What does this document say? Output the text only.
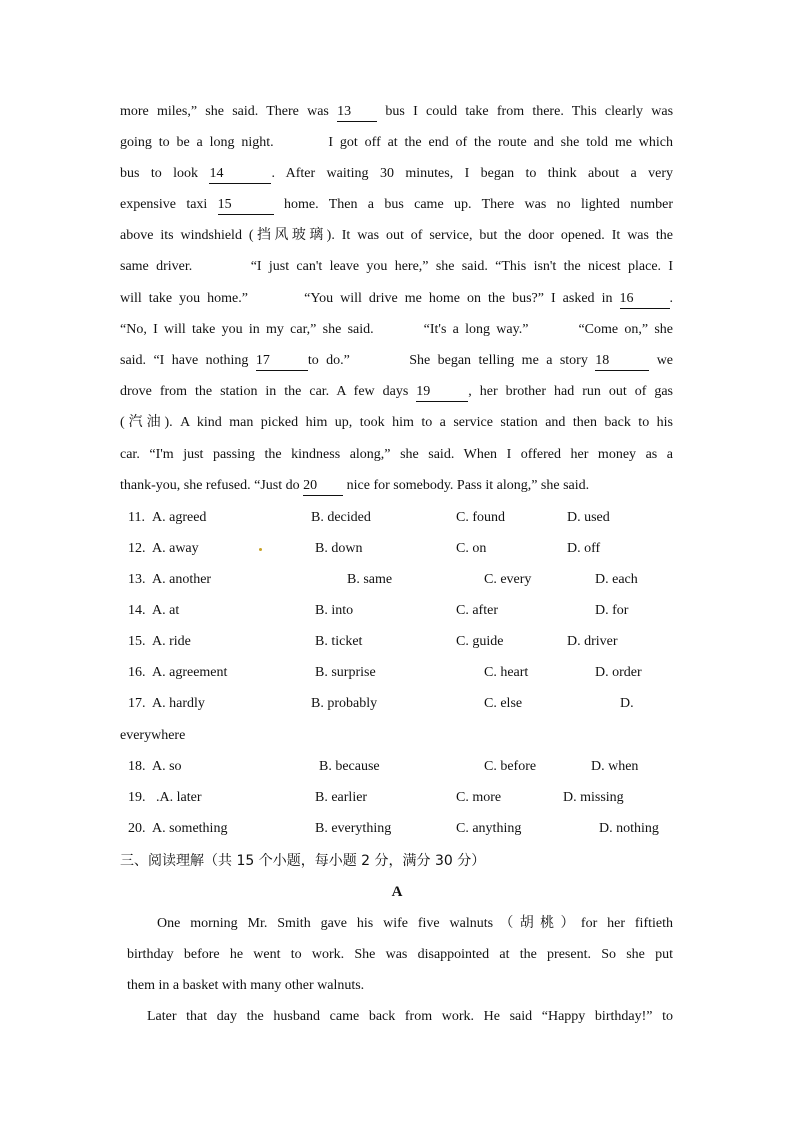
more miles,” she said. There was 13 bus I could take from there. This clearly was
going to be a long night.        I got off at the end of the route and she told me which
bus to look 14	. After waiting 30 minutes, I began to think about a very
expensive taxi 15	home. Then a bus came up. There was no lighted number
above its windshield (挡风玻璃). It was out of service, but the door opened. It was the
same driver.        “I just can't leave you here,” she said. “This isn't the nicest place. I
will take you home.”        “You will drive me home on the bus?” I asked in 16	.
“No, I will take you in my car,” she said.        “It's a long way.”        “Come on,” she
said. “I have nothing 17	to do.”        She began telling me a story 18	we
drove from the station in the car. A few days 19	, her brother had run out of gas
(汽油). A kind man picked him up, took him to a service station and then back to his
car. “I'm just passing the kindness along,” she said. When I offered her money as a
thank-you, she refused. “Just do 20 nice for somebody. Pass it along,” she said.
11. A. agreed	B. decided	C. found	D. used
12. A. away	B. down	C. on	D. off
13. A. another	B. same	C. every	D. each
14. A. at	B. into	C. after	D. for
15. A. ride	B. ticket	C. guide	D. driver
16. A. agreement	B. surprise	C. heart	D. order
17. A. hardly	B. probably	C. else	D.
everywhere
18. A. so	B. because	C. before	D. when
19. .A. later	B. earlier	C. more	D. missing
20. A. something	B. everything	C. anything	D. nothing
三、阅读理解（共 15 个小题，每小题 2 分，满分 30 分）
A
One morning Mr. Smith gave his wife five walnuts（胡桃）for her fiftieth
birthday before he went to work. She was disappointed at the present. So she put
them in a basket with many other walnuts.
Later that day the husband came back from work. He said “Happy birthday!” to
